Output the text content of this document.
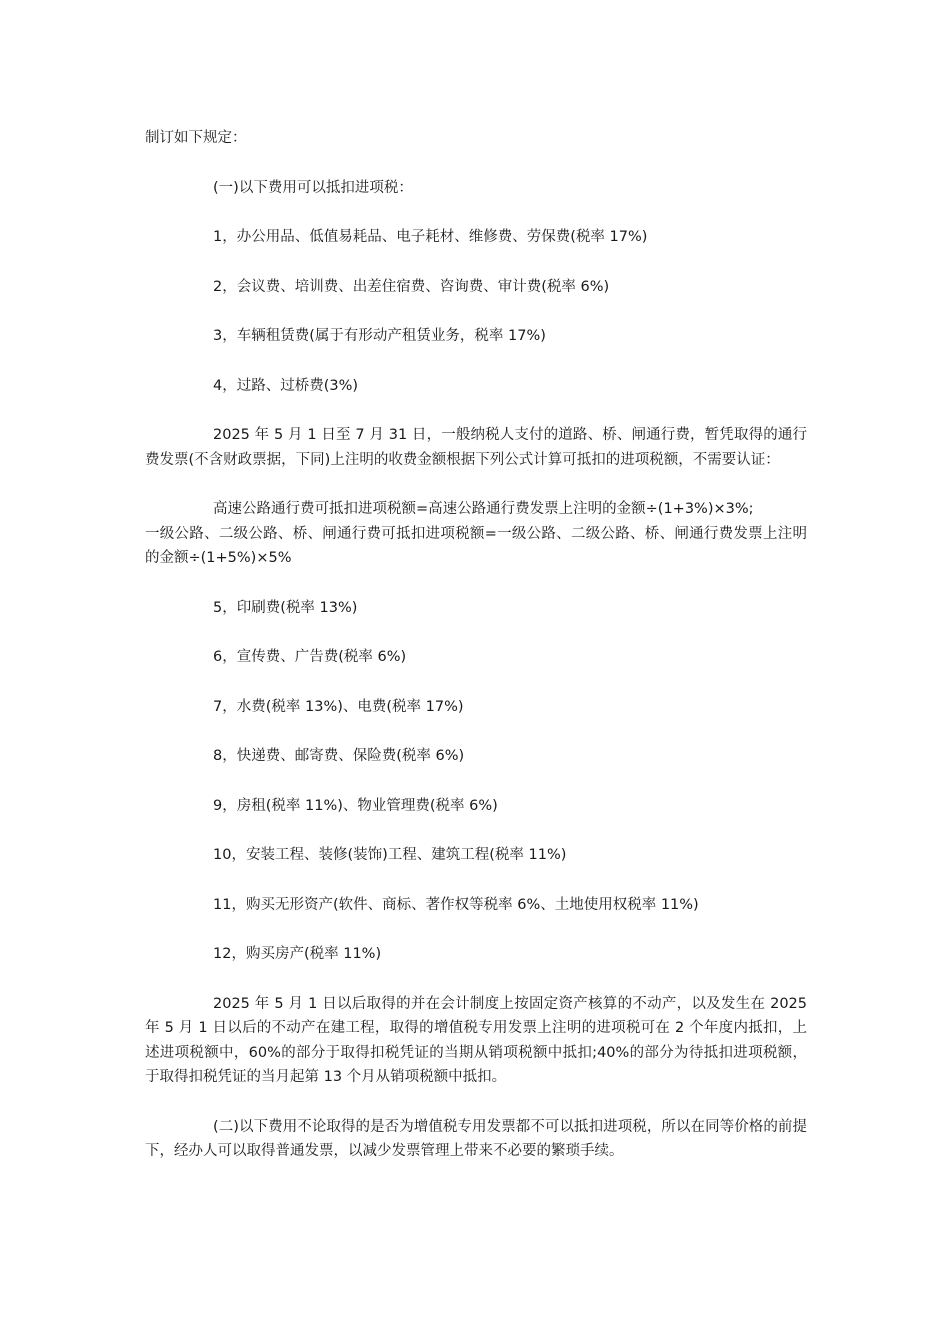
制订如下规定：

(一)以下费用可以抵扣进项税：

1，办公用品、低值易耗品、电子耗材、维修费、劳保费(税率 17%)

2，会议费、培训费、出差住宿费、咨询费、审计费(税率 6%)

3，车辆租赁费(属于有形动产租赁业务，税率 17%)

4，过路、过桥费(3%)

2025 年 5 月 1 日至 7 月 31 日，一般纳税人支付的道路、桥、闸通行费，暂凭取得的通行费发票(不含财政票据，下同)上注明的收费金额根据下列公式计算可抵扣的进项税额，不需要认证：

高速公路通行费可抵扣进项税额=高速公路通行费发票上注明的金额÷(1+3%)×3%;
一级公路、二级公路、桥、闸通行费可抵扣进项税额=一级公路、二级公路、桥、闸通行费发票上注明的金额÷(1+5%)×5%

5，印刷费(税率 13%)

6，宣传费、广告费(税率 6%)

7，水费(税率 13%)、电费(税率 17%)

8，快递费、邮寄费、保险费(税率 6%)

9，房租(税率 11%)、物业管理费(税率 6%)

10，安装工程、装修(装饰)工程、建筑工程(税率 11%)

11，购买无形资产(软件、商标、著作权等税率 6%、土地使用权税率 11%)

12，购买房产(税率 11%)

2025 年 5 月 1 日以后取得的并在会计制度上按固定资产核算的不动产，以及发生在 2025 年 5 月 1 日以后的不动产在建工程，取得的增值税专用发票上注明的进项税可在 2 个年度内抵扣，上述进项税额中，60%的部分于取得扣税凭证的当期从销项税额中抵扣;40%的部分为待抵扣进项税额，于取得扣税凭证的当月起第 13 个月从销项税额中抵扣。

(二)以下费用不论取得的是否为增值税专用发票都不可以抵扣进项税，所以在同等价格的前提下，经办人可以取得普通发票，以减少发票管理上带来不必要的繁琐手续。
